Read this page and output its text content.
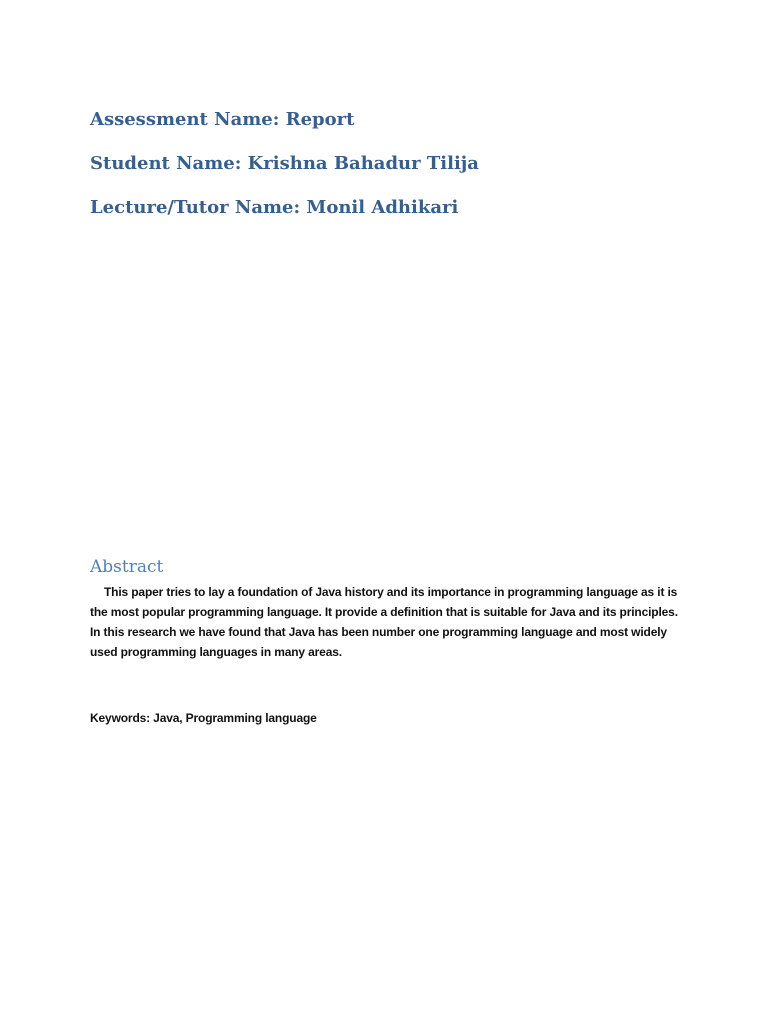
Assessment Name: Report
Student Name: Krishna Bahadur Tilija
Lecture/Tutor Name: Monil Adhikari
Abstract

This paper tries to lay a foundation of Java history and its importance in programming language as it is the most popular programming language. It provide a definition that is suitable for Java and its principles. In this research we have found that Java has been number one programming language and most widely used programming languages in many areas.

Keywords: Java, Programming language
